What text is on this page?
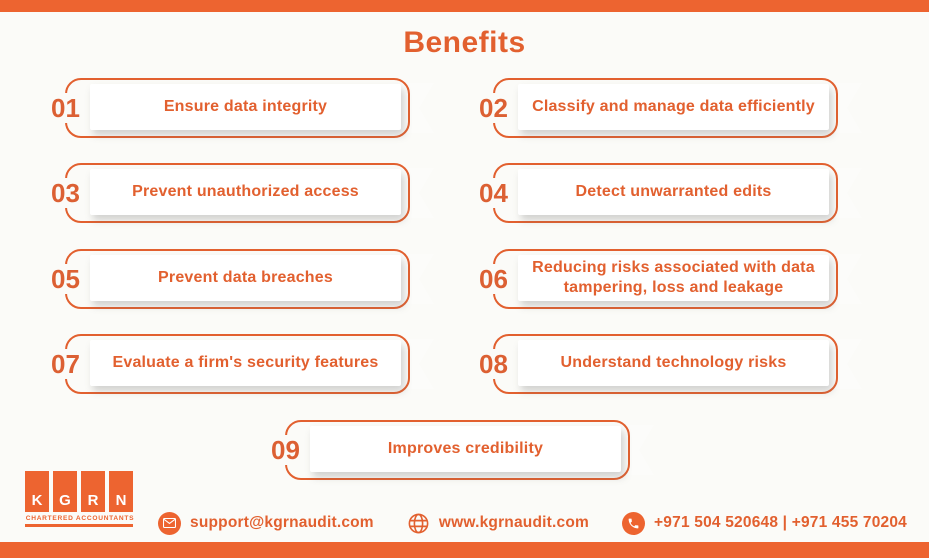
Benefits
Ensure data integrity
01	Classify and manage data efficiently
02
Prevent unauthorized access
03	Detect unwarranted edits
04
Prevent data breaches
05	Reducing risks associated with data tampering, loss and leakage
06
Evaluate a firm's security features
07	Understand technology risks
08
Improves credibility
09
K	G	R	N
CHARTERED ACCOUNTANTS	support@kgrnaudit.com	www.kgrnaudit.com	+971 504 520648 | +971 455 70204
